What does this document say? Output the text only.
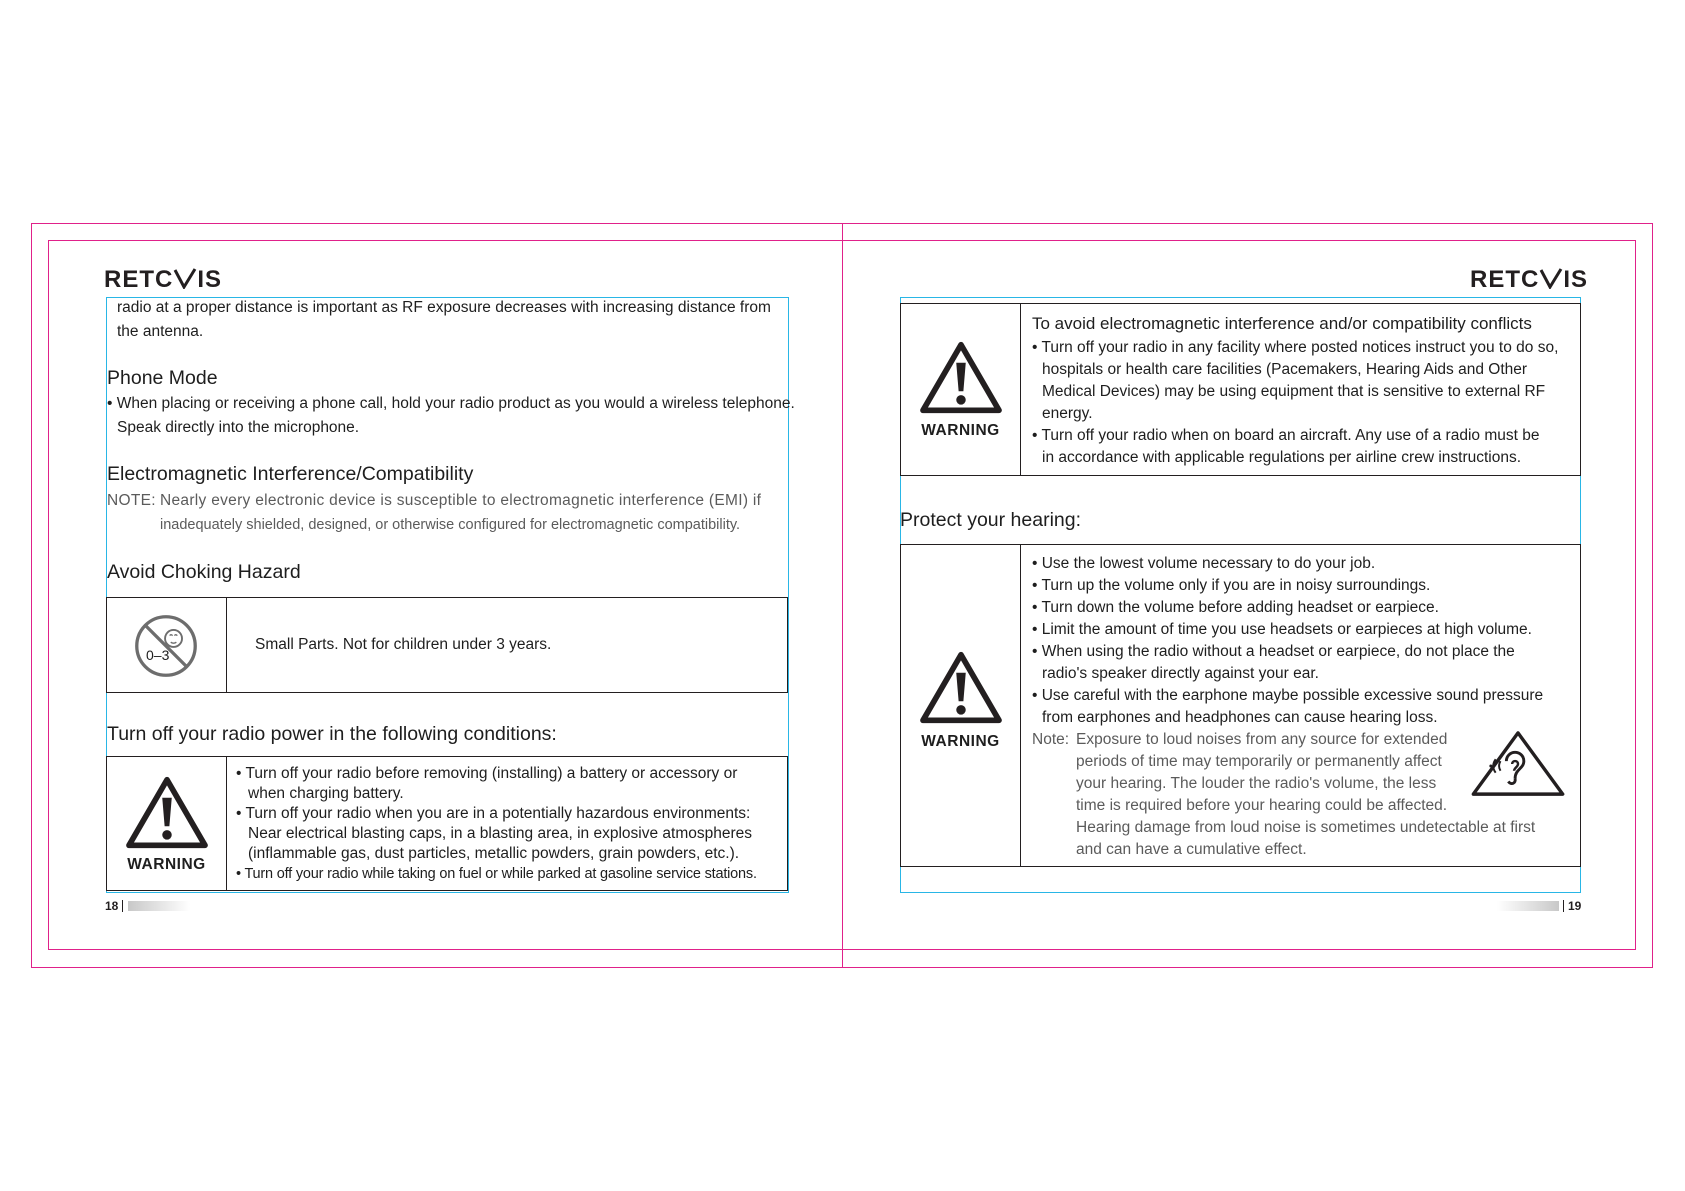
RETC IS	RETC IS
radio at a proper distance is important as RF exposure decreases with increasing distance from
the antenna.
Phone Mode
• When placing or receiving a phone call, hold your radio product as you would a wireless telephone.
Speak directly into the microphone.
Electromagnetic Interference/Compatibility
NOTE: Nearly every electronic device is susceptible to electromagnetic interference (EMI) if
inadequately shielded, designed, or otherwise configured for electromagnetic compatibility.
Avoid Choking Hazard
0–3
Small Parts. Not for children under 3 years.
Turn off your radio power in the following conditions:
WARNING
• Turn off your radio before removing (installing) a battery or accessory or
when charging battery.
• Turn off your radio when you are in a potentially hazardous environments:
Near electrical blasting caps, in a blasting area, in explosive atmospheres
(inflammable gas, dust particles, metallic powders, grain powders, etc.).
• Turn off your radio while taking on fuel or while parked at gasoline service stations.
18
WARNING
To avoid electromagnetic interference and/or compatibility conflicts
• Turn off your radio in any facility where posted notices instruct you to do so,
hospitals or health care facilities (Pacemakers, Hearing Aids and Other
Medical Devices) may be using equipment that is sensitive to external RF
energy.
• Turn off your radio when on board an aircraft. Any use of a radio must be
in accordance with applicable regulations per airline crew instructions.
Protect your hearing:
WARNING
• Use the lowest volume necessary to do your job.
• Turn up the volume only if you are in noisy surroundings.
• Turn down the volume before adding headset or earpiece.
• Limit the amount of time you use headsets or earpieces at high volume.
• When using the radio without a headset or earpiece, do not place the
radio's speaker directly against your ear.
• Use careful with the earphone maybe possible excessive sound pressure
from earphones and headphones can cause hearing loss.
Note: Exposure to loud noises from any source for extended
periods of time may temporarily or permanently affect
your hearing. The louder the radio's volume, the less
time is required before your hearing could be affected.
Hearing damage from loud noise is sometimes undetectable at first
and can have a cumulative effect.
19
